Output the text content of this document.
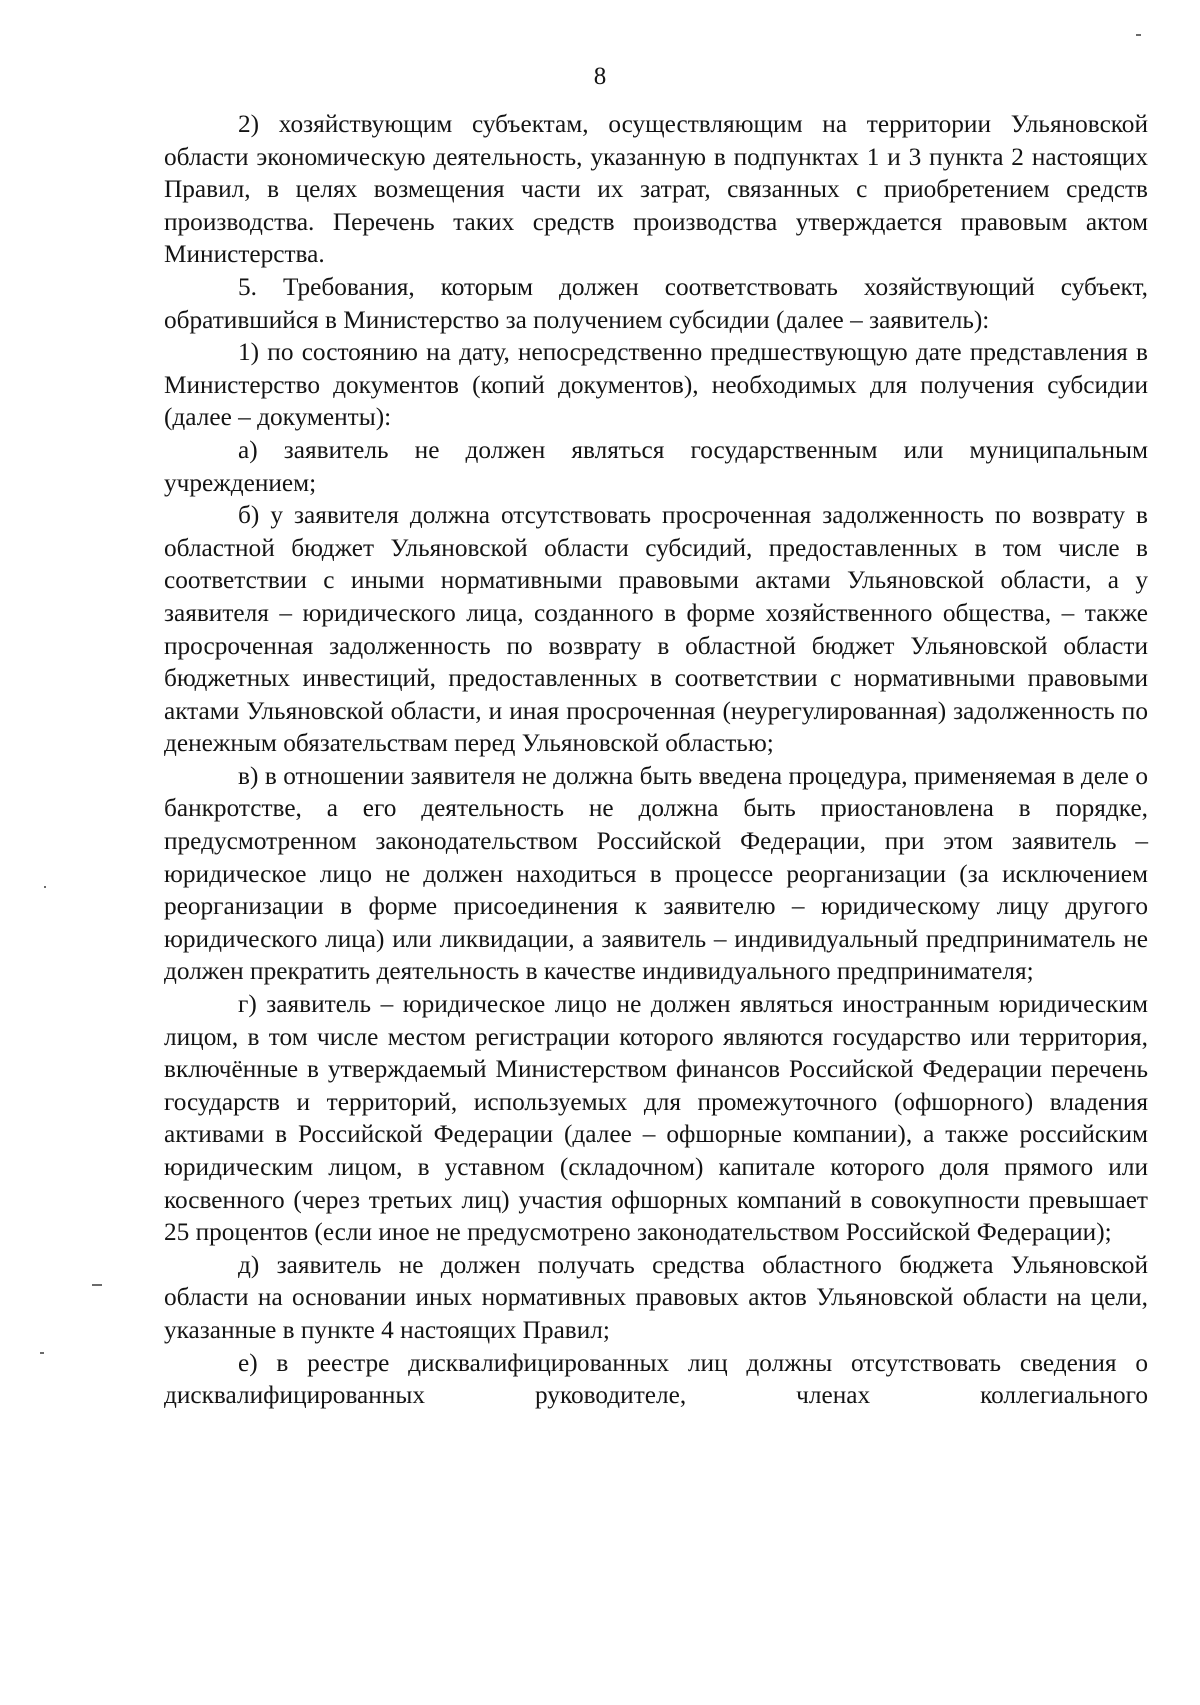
8

2) хозяйствующим субъектам, осуществляющим на территории Ульяновской области экономическую деятельность, указанную в подпунктах 1 и 3 пункта 2 настоящих Правил, в целях возмещения части их затрат, связанных с приобретением средств производства. Перечень таких средств производства утверждается правовым актом Министерства.

5. Требования, которым должен соответствовать хозяйствующий субъект, обратившийся в Министерство за получением субсидии (далее – заявитель):

1) по состоянию на дату, непосредственно предшествующую дате представления в Министерство документов (копий документов), необходимых для получения субсидии (далее – документы):

а) заявитель не должен являться государственным или муниципальным учреждением;

б) у заявителя должна отсутствовать просроченная задолженность по возврату в областной бюджет Ульяновской области субсидий, предоставленных в том числе в соответствии с иными нормативными правовыми актами Ульяновской области, а у заявителя – юридического лица, созданного в форме хозяйственного общества, – также просроченная задолженность по возврату в областной бюджет Ульяновской области бюджетных инвестиций, предоставленных в соответствии с нормативными правовыми актами Ульяновской области, и иная просроченная (неурегулированная) задолженность по денежным обязательствам перед Ульяновской областью;

в) в отношении заявителя не должна быть введена процедура, применяемая в деле о банкротстве, а его деятельность не должна быть приостановлена в порядке, предусмотренном законодательством Российской Федерации, при этом заявитель – юридическое лицо не должен находиться в процессе реорганизации (за исключением реорганизации в форме присоединения к заявителю – юридическому лицу другого юридического лица) или ликвидации, а заявитель – индивидуальный предприниматель не должен прекратить деятельность в качестве индивидуального предпринимателя;

г) заявитель – юридическое лицо не должен являться иностранным юридическим лицом, в том числе местом регистрации которого являются государство или территория, включённые в утверждаемый Министерством финансов Российской Федерации перечень государств и территорий, используемых для промежуточного (офшорного) владения активами в Российской Федерации (далее – офшорные компании), а также российским юридическим лицом, в уставном (складочном) капитале которого доля прямого или косвенного (через третьих лиц) участия офшорных компаний в совокупности превышает 25 процентов (если иное не предусмотрено законодательством Российской Федерации);

д) заявитель не должен получать средства областного бюджета Ульяновской области на основании иных нормативных правовых актов Ульяновской области на цели, указанные в пункте 4 настоящих Правил;

е) в реестре дисквалифицированных лиц должны отсутствовать сведения о дисквалифицированных руководителе, членах коллегиального
